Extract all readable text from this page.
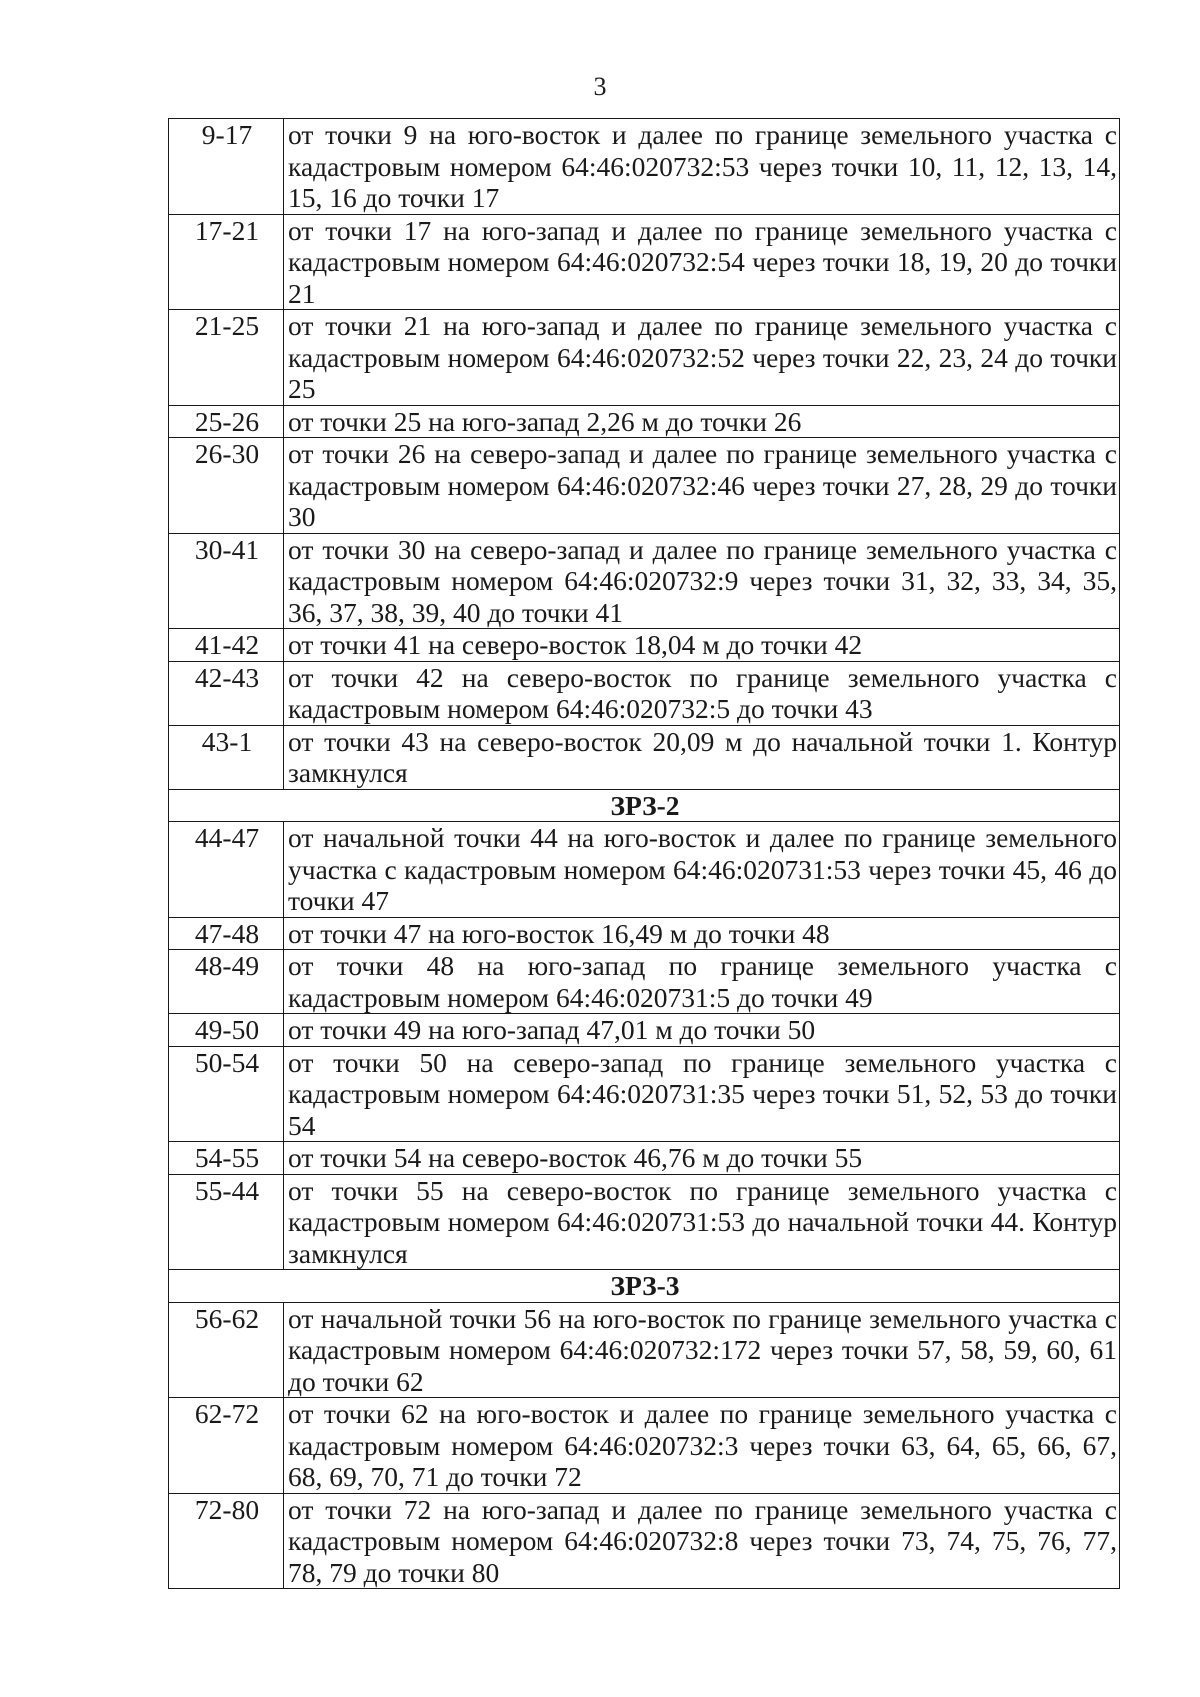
3
9-17	от точки 9 на юго-восток и далее по границе земельного участка с кадастровым номером 64:46:020732:53 через точки 10, 11, 12, 13, 14, 15, 16 до точки 17
17-21	от точки 17 на юго-запад и далее по границе земельного участка с кадастровым номером 64:46:020732:54 через точки 18, 19, 20 до точки 21
21-25	от точки 21 на юго-запад и далее по границе земельного участка с кадастровым номером 64:46:020732:52 через точки 22, 23, 24 до точки 25
25-26	от точки 25 на юго-запад 2,26 м до точки 26
26-30	от точки 26 на северо-запад и далее по границе земельного участка с кадастровым номером 64:46:020732:46 через точки 27, 28, 29 до точки 30
30-41	от точки 30 на северо-запад и далее по границе земельного участка с кадастровым номером 64:46:020732:9 через точки 31, 32, 33, 34, 35, 36, 37, 38, 39, 40 до точки 41
41-42	от точки 41 на северо-восток 18,04 м до точки 42
42-43	от точки 42 на северо-восток по границе земельного участка с кадастровым номером 64:46:020732:5 до точки 43
43-1	от точки 43 на северо-восток 20,09 м до начальной точки 1. Контур замкнулся
ЗРЗ-2	
44-47	от начальной точки 44 на юго-восток и далее по границе земельного участка с кадастровым номером 64:46:020731:53 через точки 45, 46 до точки 47
47-48	от точки 47 на юго-восток 16,49 м до точки 48
48-49	от точки 48 на юго-запад по границе земельного участка с кадастровым номером 64:46:020731:5 до точки 49
49-50	от точки 49 на юго-запад 47,01 м до точки 50
50-54	от точки 50 на северо-запад по границе земельного участка с кадастровым номером 64:46:020731:35 через точки 51, 52, 53 до точки 54
54-55	от точки 54 на северо-восток 46,76 м до точки 55
55-44	от точки 55 на северо-восток по границе земельного участка с кадастровым номером 64:46:020731:53 до начальной точки 44. Контур замкнулся
ЗРЗ-3	
56-62	от начальной точки 56 на юго-восток по границе земельного участка с кадастровым номером 64:46:020732:172 через точки 57, 58, 59, 60, 61 до точки 62
62-72	от точки 62 на юго-восток и далее по границе земельного участка с кадастровым номером 64:46:020732:3 через точки 63, 64, 65, 66, 67, 68, 69, 70, 71 до точки 72
72-80	от точки 72 на юго-запад и далее по границе земельного участка с кадастровым номером 64:46:020732:8 через точки 73, 74, 75, 76, 77, 78, 79 до точки 80
